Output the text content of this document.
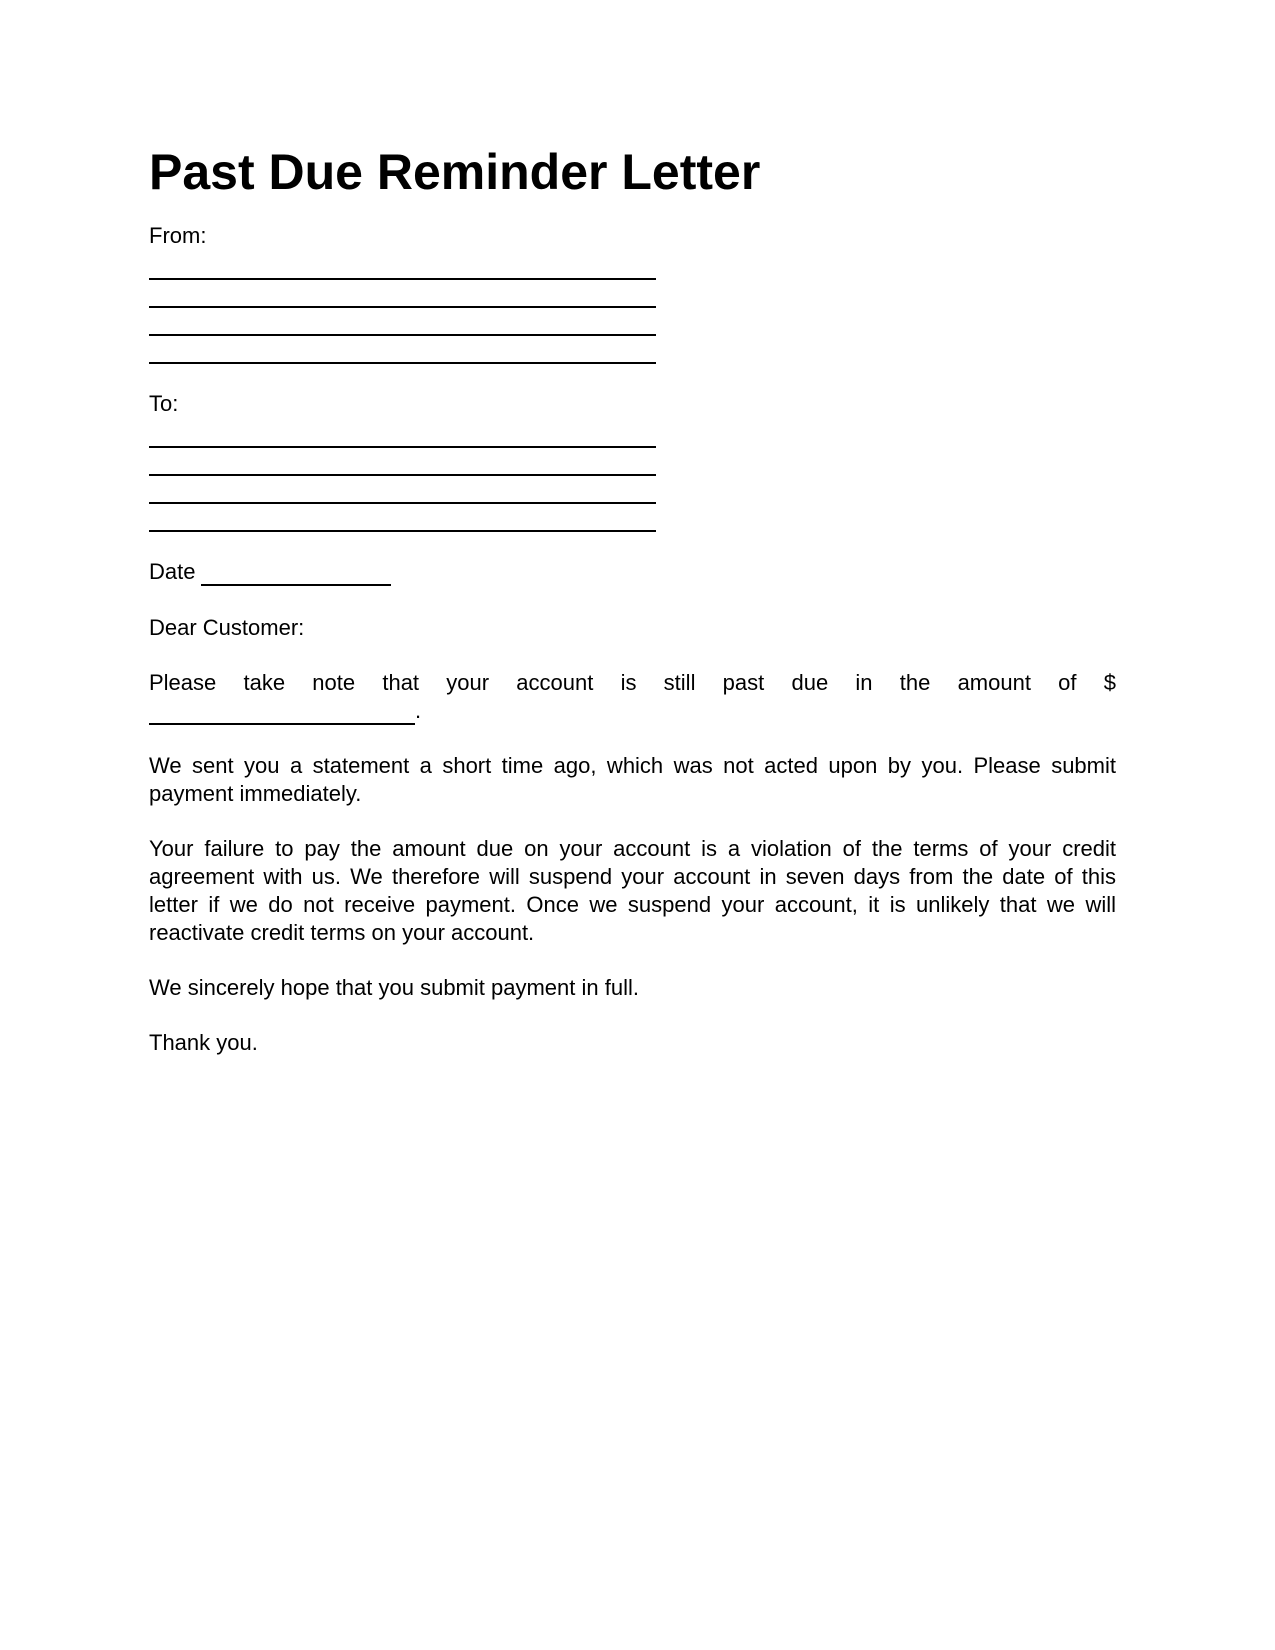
Past Due Reminder Letter
From:
To:
Date
Dear Customer:
Please take note that your account is still past due in the amount of $
.

We sent you a statement a short time ago, which was not acted upon by you. Please submit payment immediately.

Your failure to pay the amount due on your account is a violation of the terms of your credit agreement with us. We therefore will suspend your account in seven days from the date of this letter if we do not receive payment. Once we suspend your account, it is unlikely that we will reactivate credit terms on your account.

We sincerely hope that you submit payment in full.

Thank you.
